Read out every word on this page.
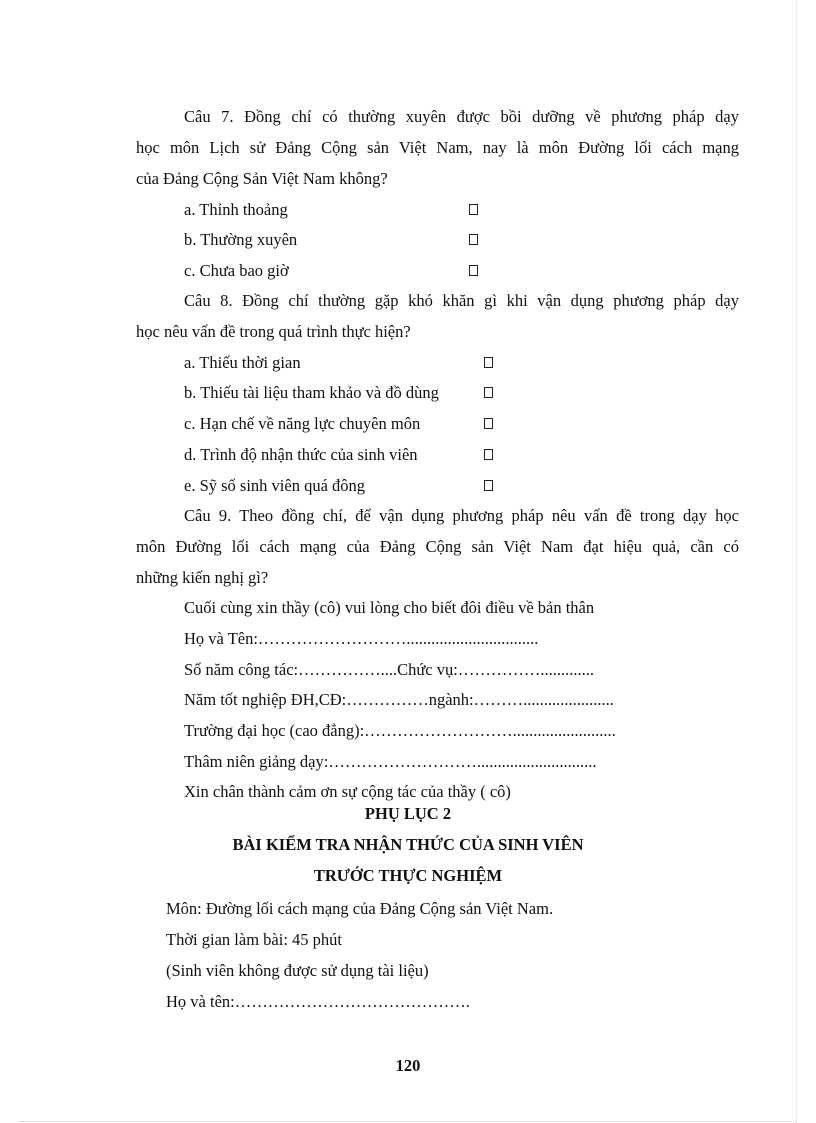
Câu 7. Đồng chí có thường xuyên được bồi dưỡng về phương pháp dạy
học môn Lịch sử Đảng Cộng sản Việt Nam, nay là môn Đường lối cách mạng
của Đảng Cộng Sản Việt Nam không?
a. Thỉnh thoảng
b. Thường xuyên
c. Chưa bao giờ
Câu 8. Đồng chí thường gặp khó khăn gì khi vận dụng phương pháp dạy
học nêu vấn đề trong quá trình thực hiện?
a. Thiếu thời gian
b. Thiếu tài liệu tham khảo và đồ dùng
c. Hạn chế về năng lực chuyên môn
d. Trình độ nhận thức của sinh viên
e. Sỹ số sinh viên quá đông
Câu 9. Theo đồng chí, để vận dụng phương pháp nêu vấn đề trong dạy học
môn Đường lối cách mạng của Đảng Cộng sản Việt Nam đạt hiệu quả, cần có
những kiến nghị gì?
Cuối cùng xin thầy (cô) vui lòng cho biết đôi điều về bản thân
Họ và Tên:………………………................................
Số năm công tác:……………....Chức vụ:…………….............
Năm tốt nghiệp ĐH,CĐ:……………ngành:………......................
Trường đại học (cao đẳng):……………………….........................
Thâm niên giảng dạy:……………………….............................
Xin chân thành cảm ơn sự cộng tác của thầy ( cô)
PHỤ LỤC 2
BÀI KIỂM TRA NHẬN THỨC CỦA SINH VIÊN
TRƯỚC THỰC NGHIỆM
Môn: Đường lối cách mạng của Đảng Cộng sản Việt Nam.
Thời gian làm bài: 45 phút
(Sinh viên không được sử dụng tài liệu)
Họ và tên:…………………………………….
120
